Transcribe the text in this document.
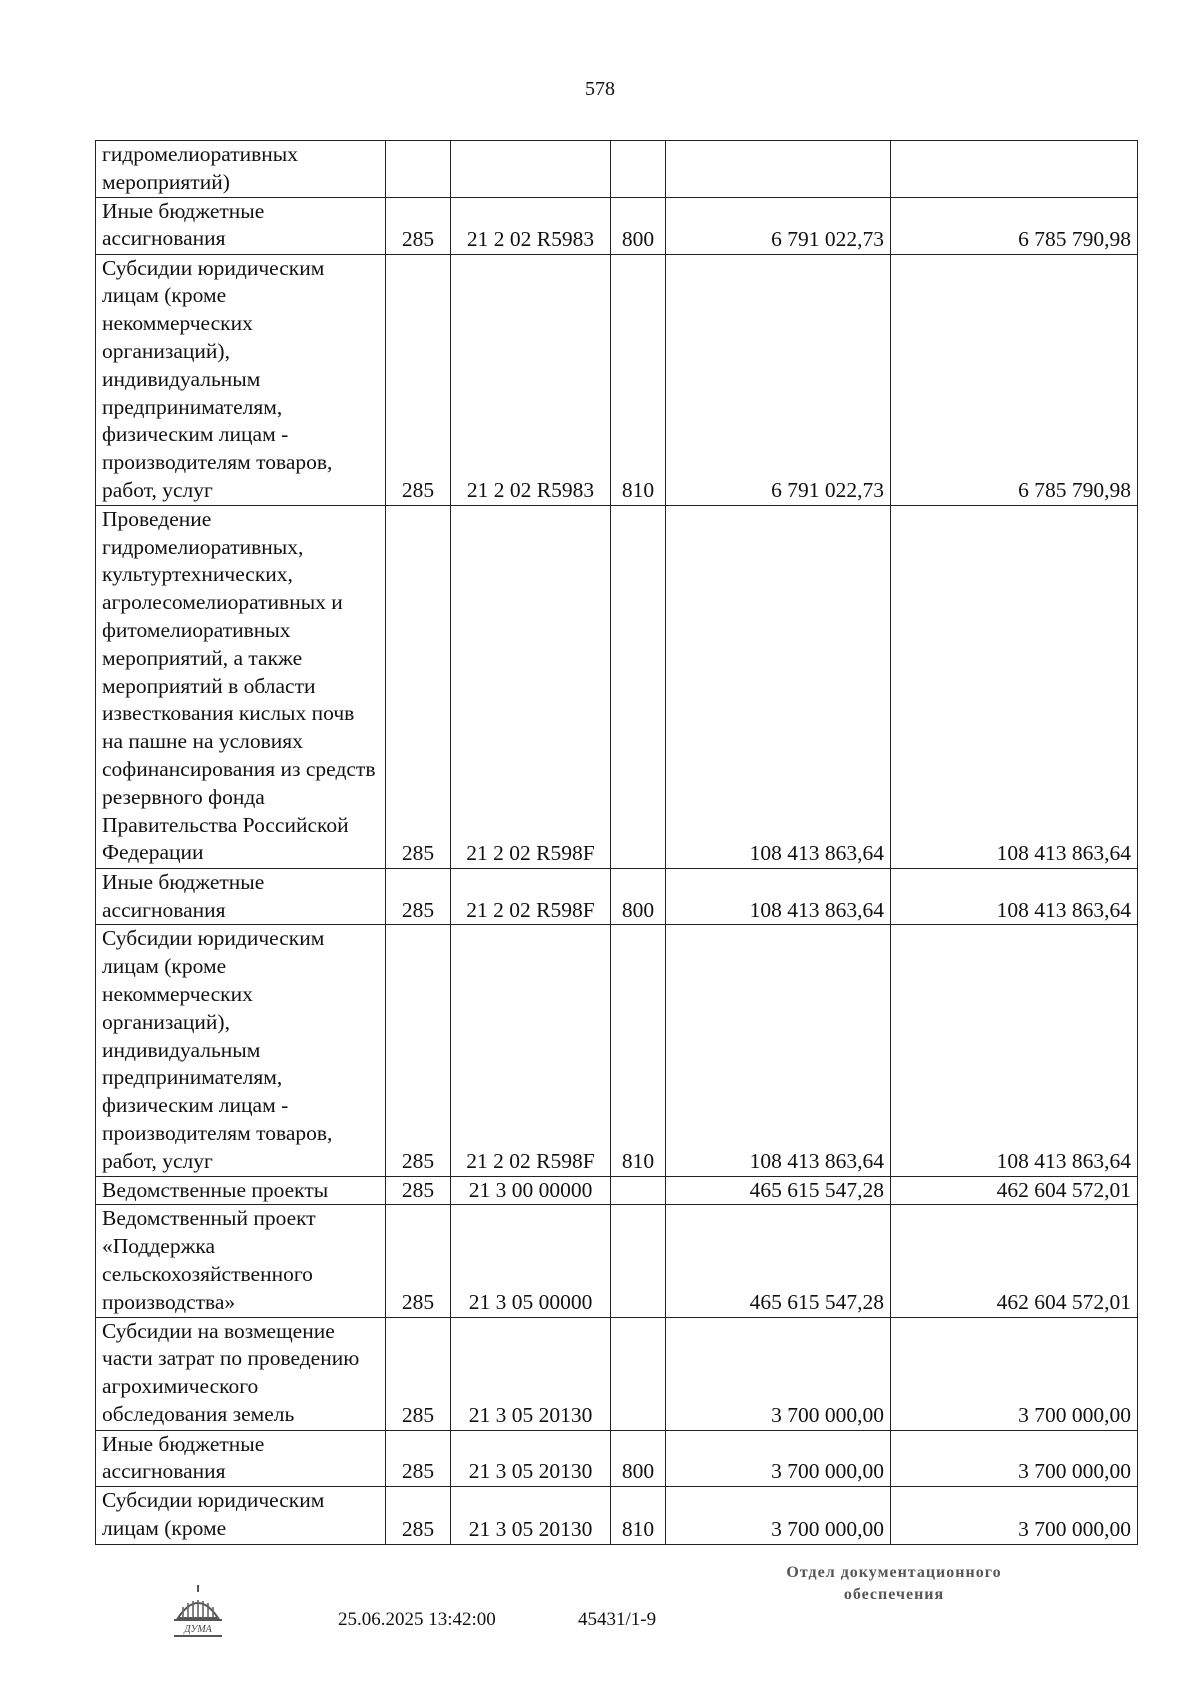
578
гидромелиоративных мероприятий)					
Иные бюджетные ассигнования	285	21 2 02 R5983	800	6 791 022,73	6 785 790,98
Субсидии юридическим лицам (кроме некоммерческих организаций), индивидуальным предпринимателям, физическим лицам - производителям товаров, работ, услуг	285	21 2 02 R5983	810	6 791 022,73	6 785 790,98
Проведение гидромелиоративных, культуртехнических, агролесомелиоративных и фитомелиоративных мероприятий, а также мероприятий в области известкования кислых почв на пашне на условиях софинансирования из средств резервного фонда Правительства Российской Федерации	285	21 2 02 R598F		108 413 863,64	108 413 863,64
Иные бюджетные ассигнования	285	21 2 02 R598F	800	108 413 863,64	108 413 863,64
Субсидии юридическим лицам (кроме некоммерческих организаций), индивидуальным предпринимателям, физическим лицам - производителям товаров, работ, услуг	285	21 2 02 R598F	810	108 413 863,64	108 413 863,64
Ведомственные проекты	285	21 3 00 00000		465 615 547,28	462 604 572,01
Ведомственный проект «Поддержка сельскохозяйственного производства»	285	21 3 05 00000		465 615 547,28	462 604 572,01
Субсидии на возмещение части затрат по проведению агрохимического обследования земель	285	21 3 05 20130		3 700 000,00	3 700 000,00
Иные бюджетные ассигнования	285	21 3 05 20130	800	3 700 000,00	3 700 000,00
Субсидии юридическим лицам (кроме	285	21 3 05 20130	810	3 700 000,00	3 700 000,00
ДУМА	25.06.2025 13:42:00	45431/1-9
Отдел документационного
обеспечения
